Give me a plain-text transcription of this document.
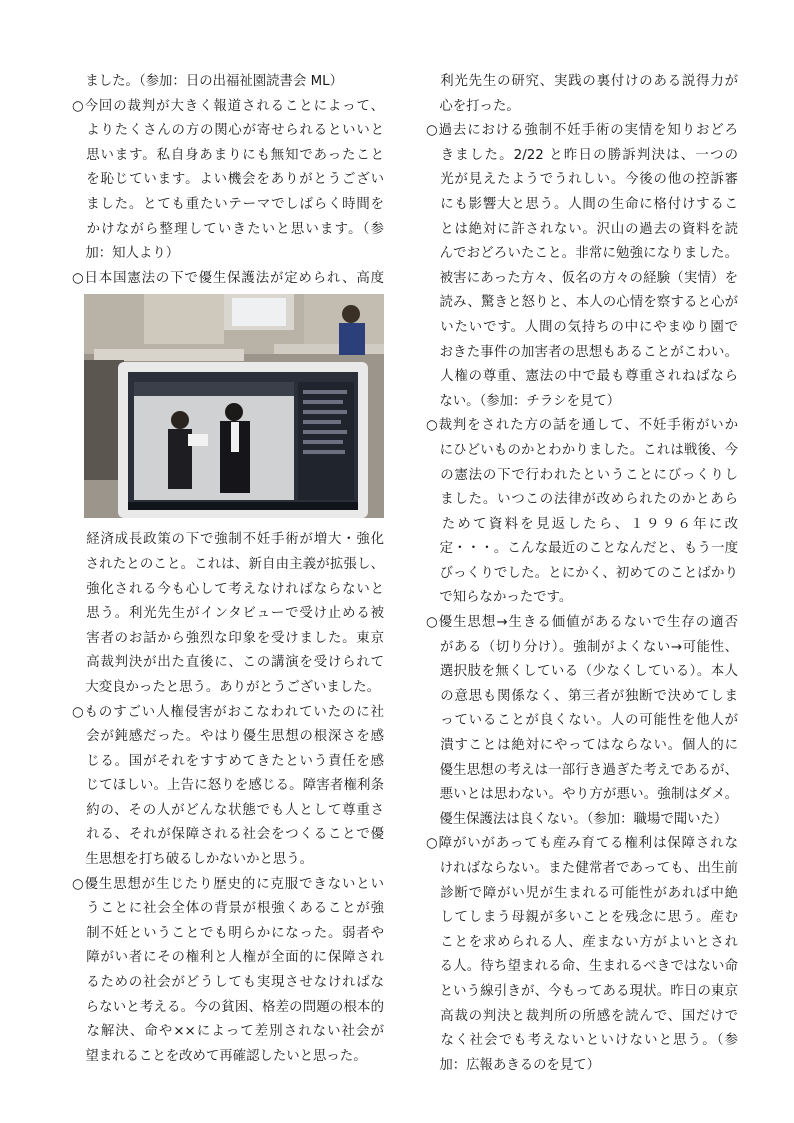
　ました。（参加：日の出福祉園読書会 ML）
○今回の裁判が大きく報道されることによって、
　よりたくさんの方の関心が寄せられるといいと
　思います。私自身あまりにも無知であったこと
　を恥じています。よい機会をありがとうござい
　ました。とても重たいテーマでしばらく時間を
　かけながら整理していきたいと思います。（参
　加：知人より）
○日本国憲法の下で優生保護法が定められ、高度
　経済成長政策の下で強制不妊手術が増大・強化
　されたとのこと。これは、新自由主義が拡張し、
　強化される今も心して考えなければならないと
　思う。利光先生がインタビューで受け止める被
　害者のお話から強烈な印象を受けました。東京
　高裁判決が出た直後に、この講演を受けられて
　大変良かったと思う。ありがとうございました。
○ものすごい人権侵害がおこなわれていたのに社
　会が鈍感だった。やはり優生思想の根深さを感
　じる。国がそれをすすめてきたという責任を感
　じてほしい。上告に怒りを感じる。障害者権利条
　約の、その人がどんな状態でも人として尊重さ
　れる、それが保障される社会をつくることで優
　生思想を打ち破るしかないかと思う。
○優生思想が生じたり歴史的に克服できないとい
　うことに社会全体の背景が根強くあることが強
　制不妊ということでも明らかになった。弱者や
　障がい者にその権利と人権が全面的に保障され
　るための社会がどうしても実現させなければな
　らないと考える。今の貧困、格差の問題の根本的
　な解決、命や××によって差別されない社会が
　望まれることを改めて再確認したいと思った。
　利光先生の研究、実践の裏付けのある説得力が
　心を打った。
○過去における強制不妊手術の実情を知りおどろ
　きました。2/22 と昨日の勝訴判決は、一つの
　光が見えたようでうれしい。今後の他の控訴審
　にも影響大と思う。人間の生命に格付けするこ
　とは絶対に許されない。沢山の過去の資料を読
　んでおどろいたこと。非常に勉強になりました。
　被害にあった方々、仮名の方々の経験（実情）を
　読み、驚きと怒りと、本人の心情を察すると心が
　いたいです。人間の気持ちの中にやまゆり園で
　おきた事件の加害者の思想もあることがこわい。
　人権の尊重、憲法の中で最も尊重されねばなら
　ない。（参加：チラシを見て）
○裁判をされた方の話を通して、不妊手術がいか
　にひどいものかとわかりました。これは戦後、今
　の憲法の下で行われたということにびっくりし
　ました。いつこの法律が改められたのかとあら
　ためて資料を見返したら、１９９６年に改
　定・・・。こんな最近のことなんだと、もう一度
　びっくりでした。とにかく、初めてのことばかり
　で知らなかったです。
○優生思想→生きる価値があるないで生存の適否
　がある（切り分け）。強制がよくない→可能性、
　選択肢を無くしている（少なくしている）。本人
　の意思も関係なく、第三者が独断で決めてしま
　っていることが良くない。人の可能性を他人が
　潰すことは絶対にやってはならない。個人的に
　優生思想の考えは一部行き過ぎた考えであるが、
　悪いとは思わない。やり方が悪い。強制はダメ。
　優生保護法は良くない。（参加：職場で聞いた）
○障がいがあっても産み育てる権利は保障されな
　ければならない。また健常者であっても、出生前
　診断で障がい児が生まれる可能性があれば中絶
　してしまう母親が多いことを残念に思う。産む
　ことを求められる人、産まない方がよいとされ
　る人。待ち望まれる命、生まれるべきではない命
　という線引きが、今もってある現状。昨日の東京
　高裁の判決と裁判所の所感を読んで、国だけで
　なく社会でも考えないといけないと思う。（参
　加：広報あきるのを見て）
